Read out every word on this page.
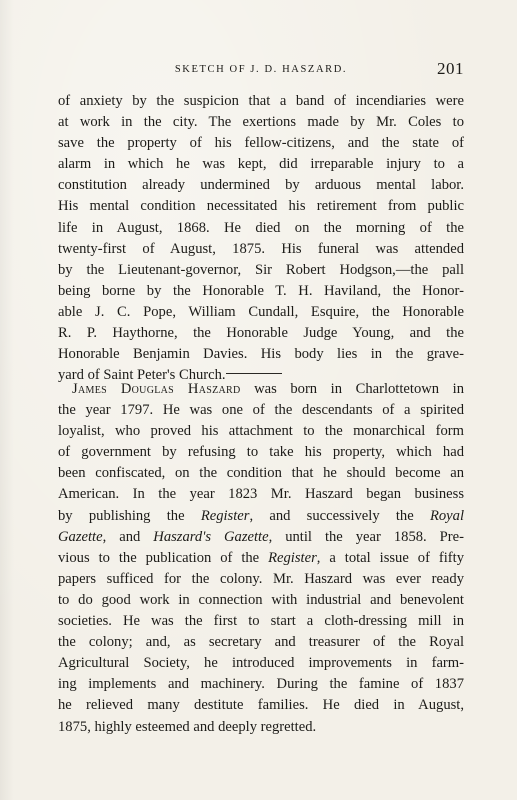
SKETCH OF J. D. HASZARD.	201
of anxiety by the suspicion that a band of incendiaries were
at work in the city. The exertions made by Mr. Coles to
save the property of his fellow-citizens, and the state of
alarm in which he was kept, did irreparable injury to a
constitution already undermined by arduous mental labor.
His mental condition necessitated his retirement from public
life in August, 1868. He died on the morning of the
twenty-first of August, 1875. His funeral was attended
by the Lieutenant-governor, Sir Robert Hodgson,—the pall
being borne by the Honorable T. H. Haviland, the Honor-
able J. C. Pope, William Cundall, Esquire, the Honorable
R. P. Haythorne, the Honorable Judge Young, and the
Honorable Benjamin Davies. His body lies in the grave-
yard of Saint Peter's Church.
James Douglas Haszard was born in Charlottetown in
the year 1797. He was one of the descendants of a spirited
loyalist, who proved his attachment to the monarchical form
of government by refusing to take his property, which had
been confiscated, on the condition that he should become an
American. In the year 1823 Mr. Haszard began business
by publishing the Register, and successively the Royal
Gazette, and Haszard's Gazette, until the year 1858. Pre-
vious to the publication of the Register, a total issue of fifty
papers sufficed for the colony. Mr. Haszard was ever ready
to do good work in connection with industrial and benevolent
societies. He was the first to start a cloth-dressing mill in
the colony; and, as secretary and treasurer of the Royal
Agricultural Society, he introduced improvements in farm-
ing implements and machinery. During the famine of 1837
he relieved many destitute families. He died in August,
1875, highly esteemed and deeply regretted.
